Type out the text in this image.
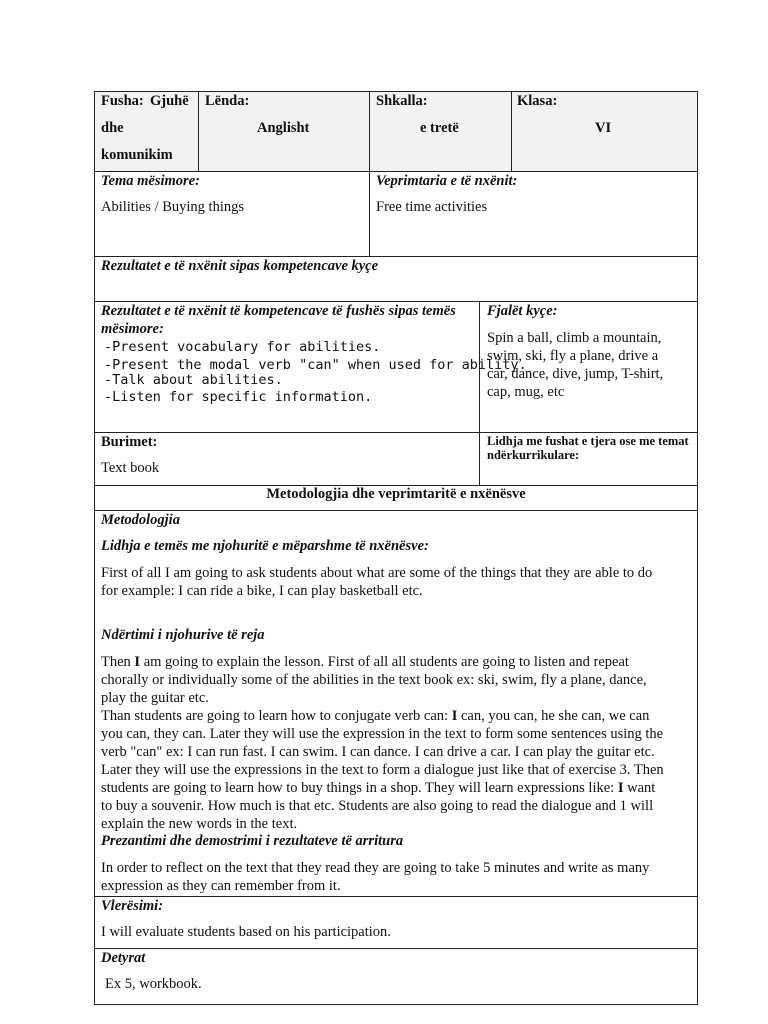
Fusha: Gjuhë
dhe
komunikim
Lënda:
Anglisht
Shkalla:
e tretë
Klasa:
VI
Tema mësimore:
Abilities / Buying things
Veprimtaria e të nxënit:
Free time activities
Rezultatet e të nxënit sipas kompetencave kyçe
Rezultatet e të nxënit të kompetencave të fushës sipas temës
mësimore:
-Present vocabulary for abilities.
-Present the modal verb "can" when used for ability.
-Talk about abilities.
-Listen for specific information.
Fjalët kyçe:
Spin a ball, climb a mountain,
swim, ski, fly a plane, drive a
car, dance, dive, jump, T-shirt,
cap, mug, etc
Burimet:
Text book
Lidhja me fushat e tjera ose me temat
ndërkurrikulare:
Metodologjia dhe veprimtaritë e nxënësve
Metodologjia
Lidhja e temës me njohuritë e mëparshme të nxënësve:
First of all I am going to ask students about what are some of the things that they are able to do
for example: I can ride a bike, I can play basketball etc.
Ndërtimi i njohurive të reja
Then I am going to explain the lesson. First of all all students are going to listen and repeat
chorally or individually some of the abilities in the text book ex: ski, swim, fly a plane, dance,
play the guitar etc.
Than students are going to learn how to conjugate verb can: I can, you can, he she can, we can
you can, they can. Later they will use the expression in the text to form some sentences using the
verb "can" ex: I can run fast. I can swim. I can dance. I can drive a car. I can play the guitar etc.
Later they will use the expressions in the text to form a dialogue just like that of exercise 3. Then
students are going to learn how to buy things in a shop. They will learn expressions like: I want
to buy a souvenir. How much is that etc. Students are also going to read the dialogue and 1 will
explain the new words in the text.
Prezantimi dhe demostrimi i rezultateve të arritura
In order to reflect on the text that they read they are going to take 5 minutes and write as many
expression as they can remember from it.
Vlerësimi:
I will evaluate students based on his participation.
Detyrat
Ex 5, workbook.
